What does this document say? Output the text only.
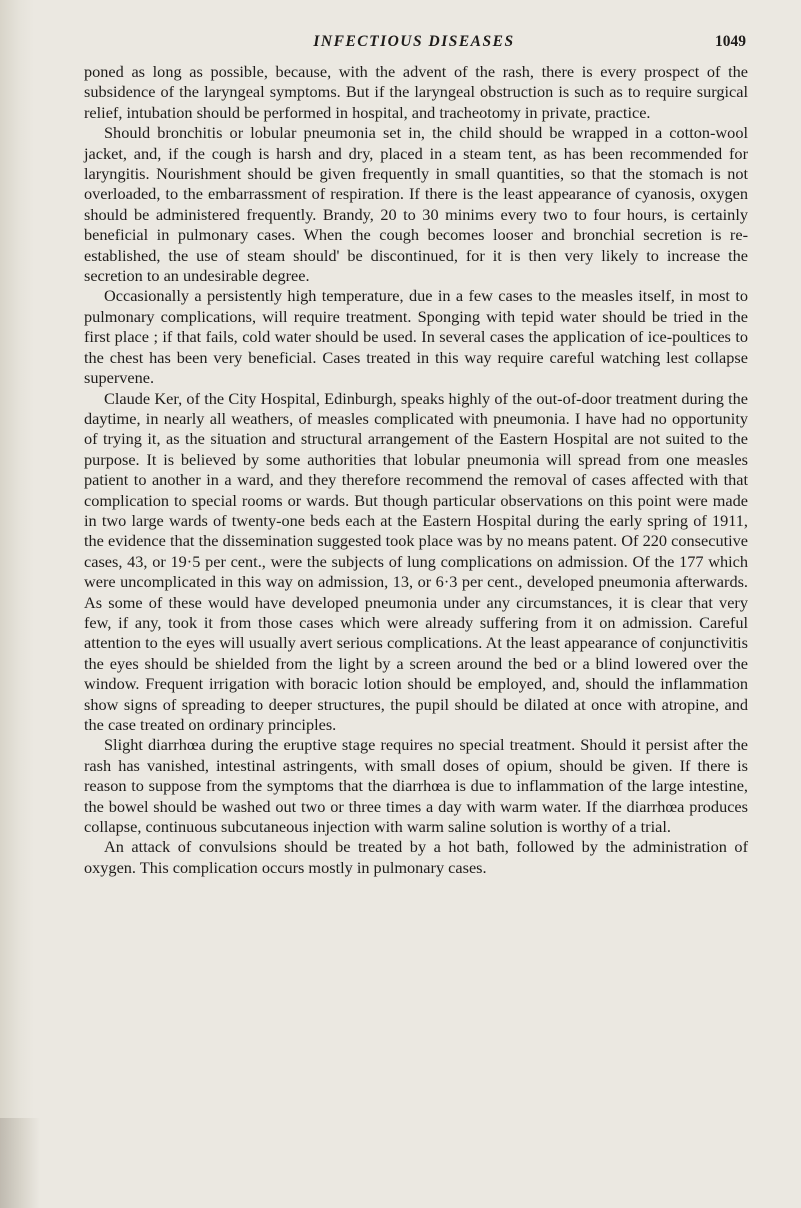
INFECTIOUS DISEASES	1049

poned as long as possible, because, with the advent of the rash, there is every prospect of the subsidence of the laryngeal symptoms. But if the laryngeal obstruction is such as to require surgical relief, intubation should be performed in hospital, and tracheotomy in private, practice.

Should bronchitis or lobular pneumonia set in, the child should be wrapped in a cotton-wool jacket, and, if the cough is harsh and dry, placed in a steam tent, as has been recommended for laryngitis. Nourishment should be given frequently in small quantities, so that the stomach is not overloaded, to the embarrassment of respiration. If there is the least appearance of cyanosis, oxygen should be administered frequently. Brandy, 20 to 30 minims every two to four hours, is certainly beneficial in pulmonary cases. When the cough becomes looser and bronchial secretion is re-established, the use of steam should' be discontinued, for it is then very likely to increase the secretion to an undesirable degree.

Occasionally a persistently high temperature, due in a few cases to the measles itself, in most to pulmonary complications, will require treatment. Sponging with tepid water should be tried in the first place ; if that fails, cold water should be used. In several cases the application of ice-poultices to the chest has been very beneficial. Cases treated in this way require careful watching lest collapse supervene.

Claude Ker, of the City Hospital, Edinburgh, speaks highly of the out-of-door treatment during the daytime, in nearly all weathers, of measles complicated with pneumonia. I have had no opportunity of trying it, as the situation and structural arrangement of the Eastern Hospital are not suited to the purpose. It is believed by some authorities that lobular pneumonia will spread from one measles patient to another in a ward, and they therefore recommend the removal of cases affected with that complication to special rooms or wards. But though particular observations on this point were made in two large wards of twenty-one beds each at the Eastern Hospital during the early spring of 1911, the evidence that the dissemination suggested took place was by no means patent. Of 220 consecutive cases, 43, or 19·5 per cent., were the subjects of lung complications on admission. Of the 177 which were uncomplicated in this way on admission, 13, or 6·3 per cent., developed pneumonia afterwards. As some of these would have developed pneumonia under any circumstances, it is clear that very few, if any, took it from those cases which were already suffering from it on admission. Careful attention to the eyes will usually avert serious complications. At the least appearance of conjunctivitis the eyes should be shielded from the light by a screen around the bed or a blind lowered over the window. Frequent irrigation with boracic lotion should be employed, and, should the inflammation show signs of spreading to deeper structures, the pupil should be dilated at once with atropine, and the case treated on ordinary principles.

Slight diarrhœa during the eruptive stage requires no special treatment. Should it persist after the rash has vanished, intestinal astringents, with small doses of opium, should be given. If there is reason to suppose from the symptoms that the diarrhœa is due to inflammation of the large intestine, the bowel should be washed out two or three times a day with warm water. If the diarrhœa produces collapse, continuous subcutaneous injection with warm saline solution is worthy of a trial.

An attack of convulsions should be treated by a hot bath, followed by the administration of oxygen. This complication occurs mostly in pulmonary cases.
